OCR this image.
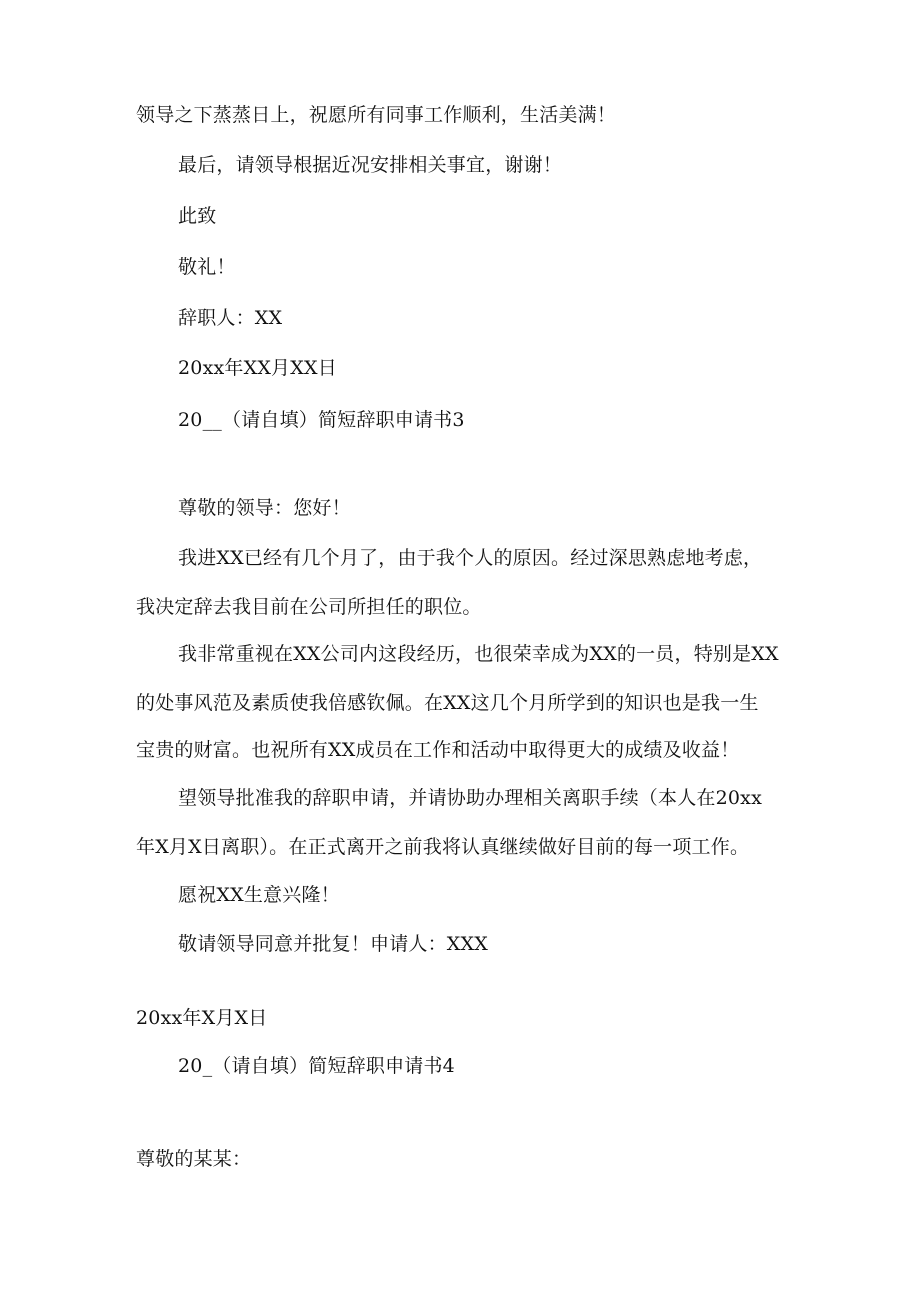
领导之下蒸蒸日上，祝愿所有同事工作顺利，生活美满！
最后，请领导根据近况安排相关事宜，谢谢！
此致
敬礼！
辞职人：XX
20xx年XX月XX日
20__（请自填）简短辞职申请书3
尊敬的领导：您好！
我进XX已经有几个月了，由于我个人的原因。经过深思熟虑地考虑，
我决定辞去我目前在公司所担任的职位。
我非常重视在XX公司内这段经历，也很荣幸成为XX的一员，特别是XX
的处事风范及素质使我倍感钦佩。在XX这几个月所学到的知识也是我一生
宝贵的财富。也祝所有XX成员在工作和活动中取得更大的成绩及收益！
望领导批准我的辞职申请，并请协助办理相关离职手续（本人在20xx
年X月X日离职）。在正式离开之前我将认真继续做好目前的每一项工作。
愿祝XX生意兴隆！
敬请领导同意并批复！申请人：XXX
20xx年X月X日
20_（请自填）简短辞职申请书4
尊敬的某某：
